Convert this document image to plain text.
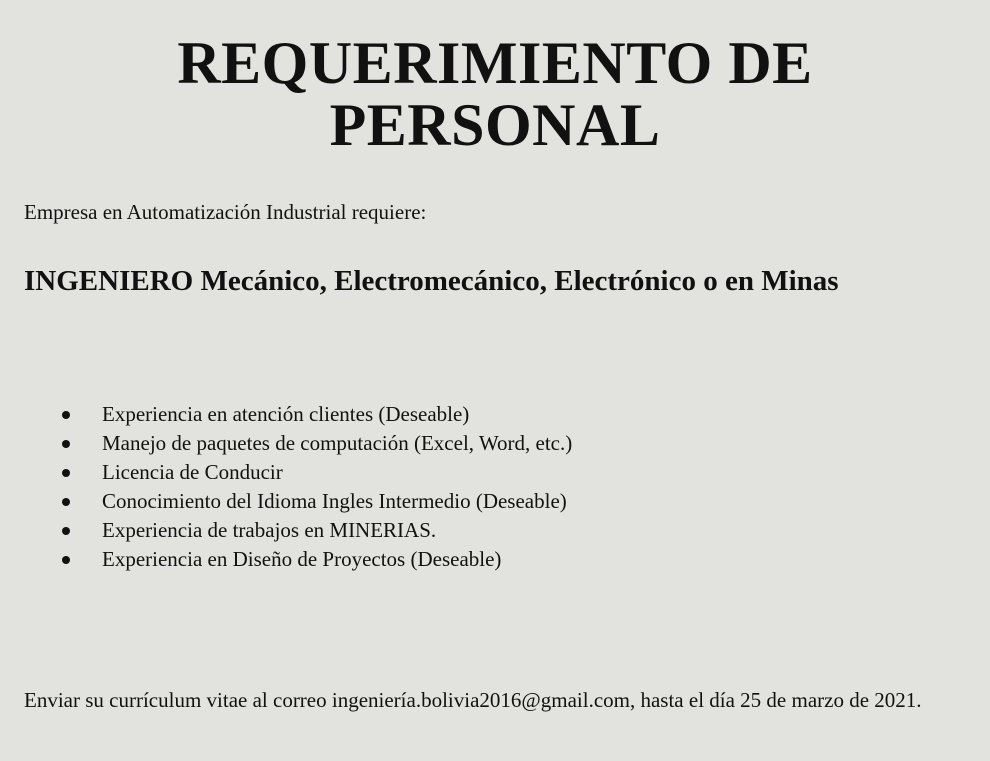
REQUERIMIENTO DE
PERSONAL

Empresa en Automatización Industrial requiere:

INGENIERO Mecánico, Electromecánico, Electrónico o en Minas

Experiencia en atención clientes (Deseable)
Manejo de paquetes de computación (Excel, Word, etc.)
Licencia de Conducir
Conocimiento del Idioma Ingles Intermedio (Deseable)
Experiencia de trabajos en MINERIAS.
Experiencia en Diseño de Proyectos (Deseable)

Enviar su currículum vitae al correo ingeniería.bolivia2016@gmail.com, hasta el día 25 de marzo de 2021.
